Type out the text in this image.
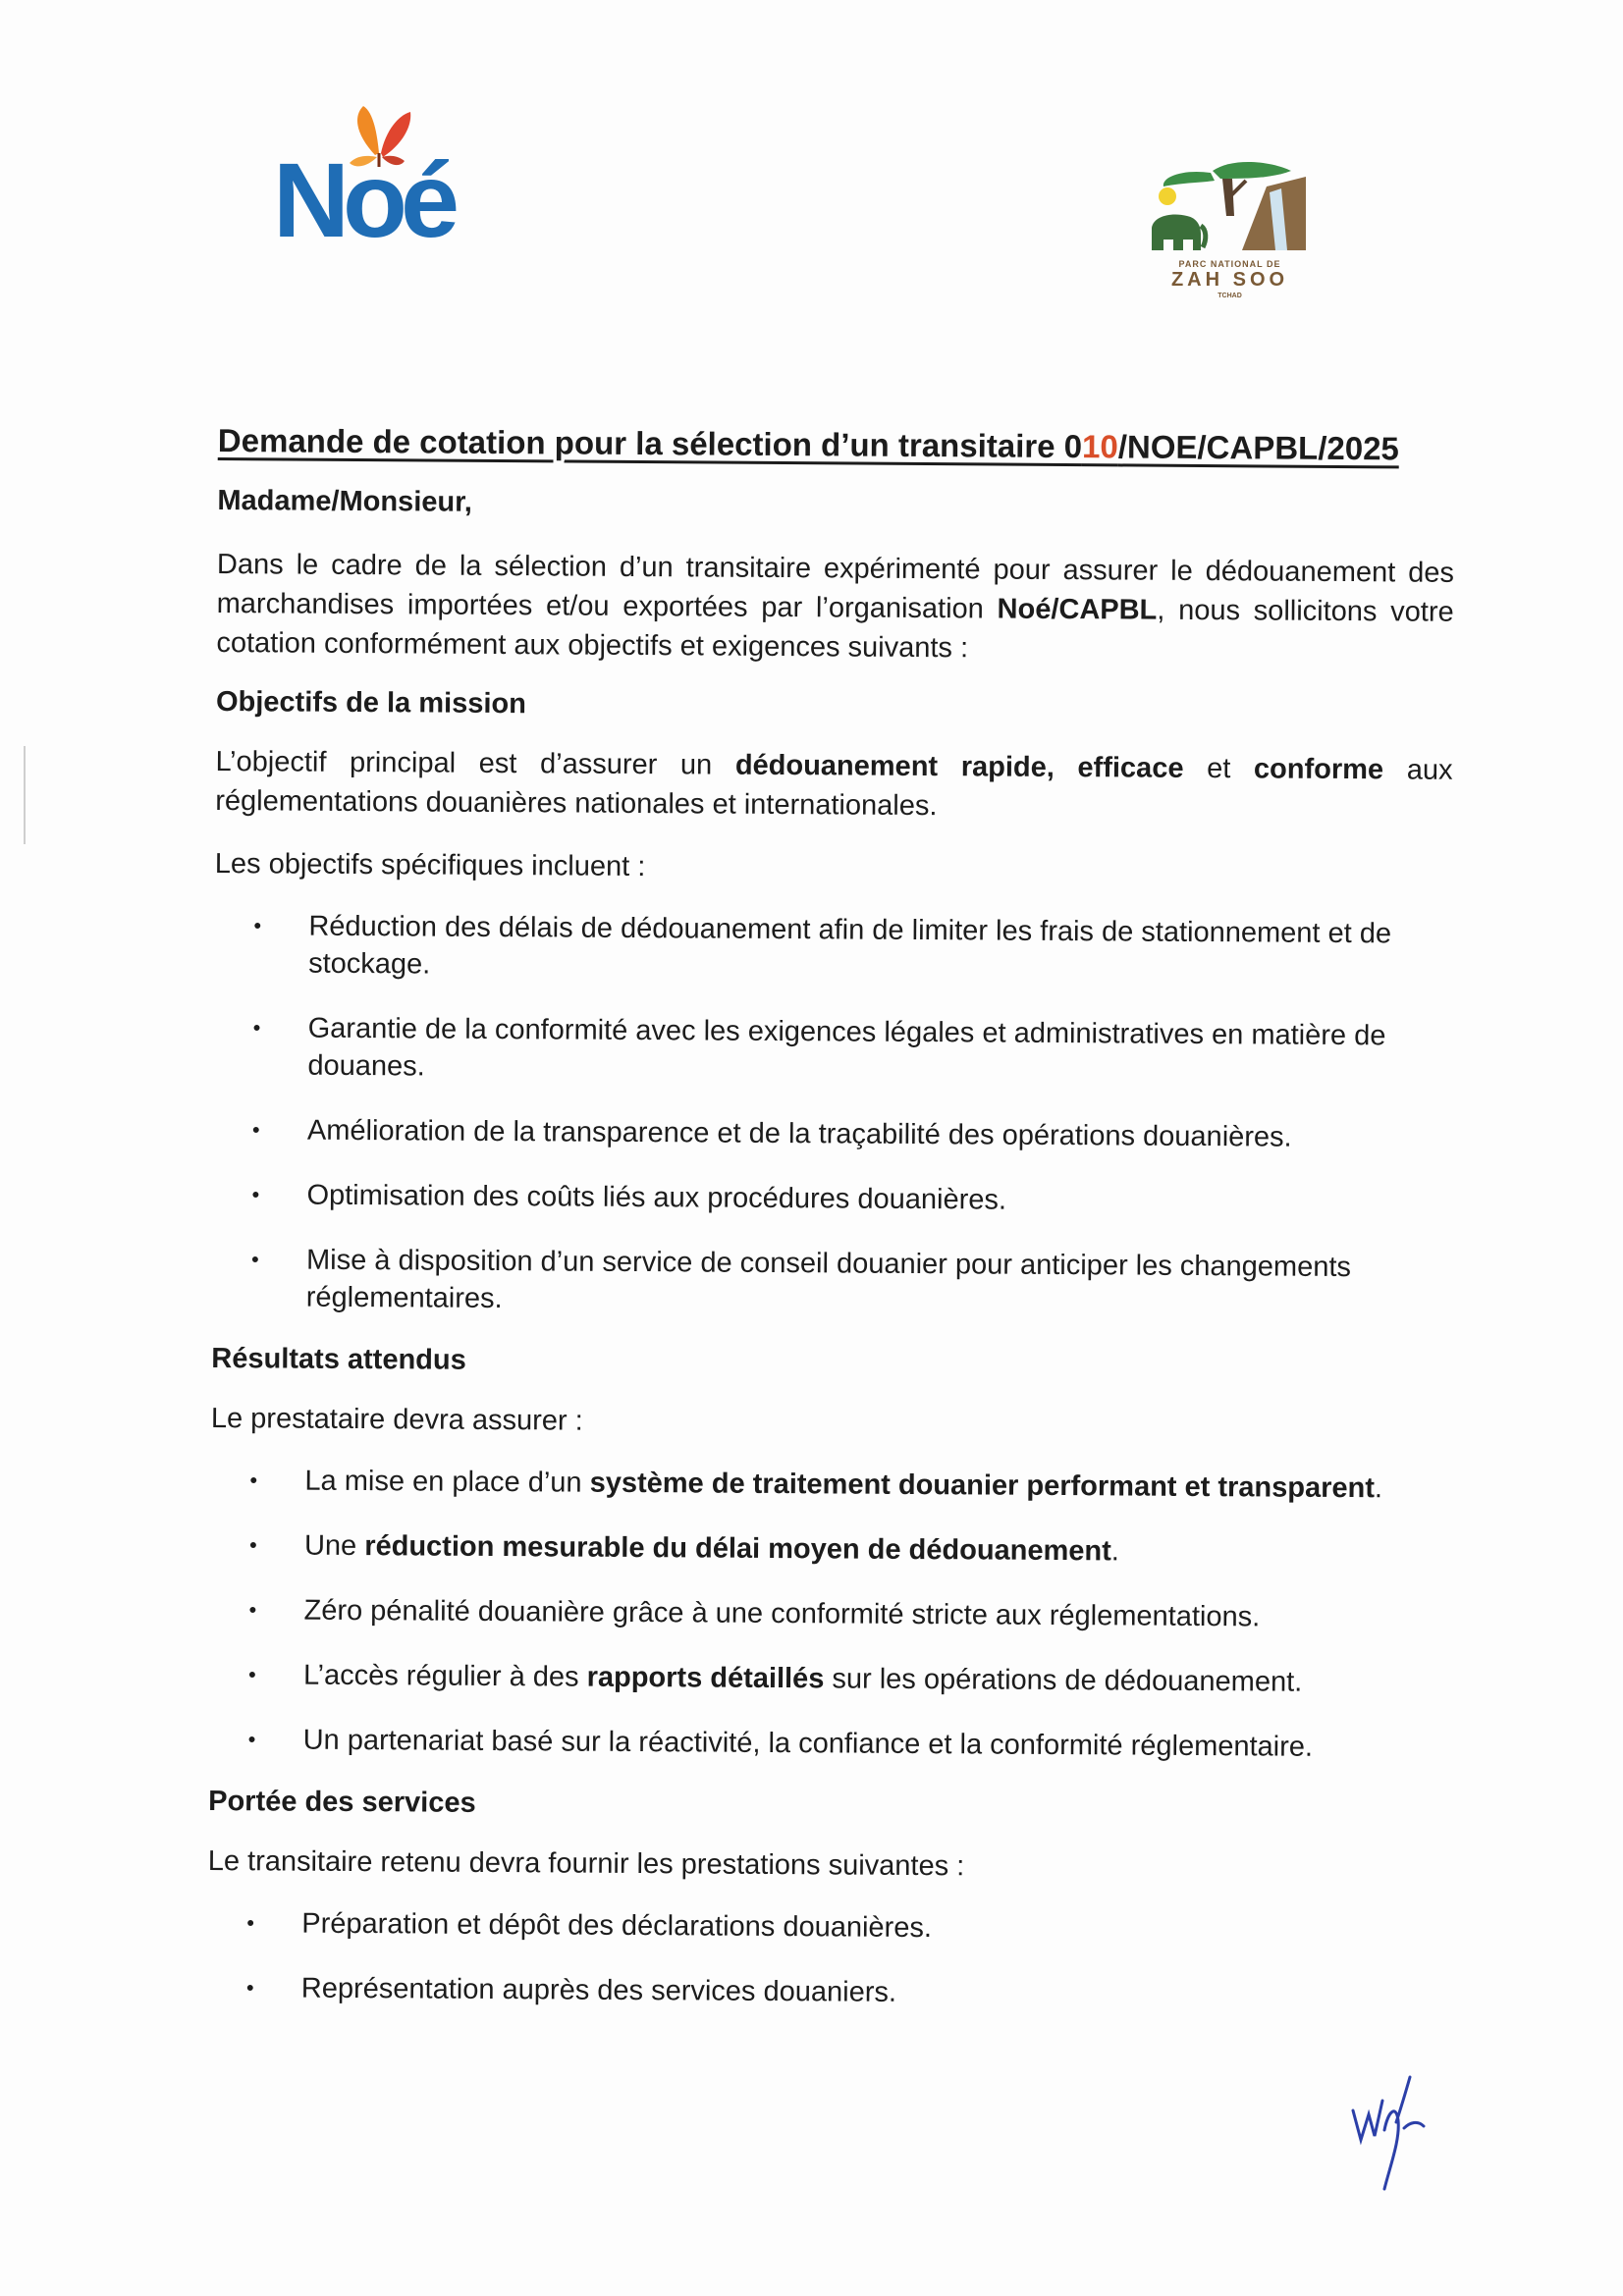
Noé
PARC NATIONAL DE
ZAH SOO
TCHAD
Demande de cotation pour la sélection d’un transitaire 010/NOE/CAPBL/2025
Madame/Monsieur,

Dans le cadre de la sélection d’un transitaire expérimenté pour assurer le dédouanement des marchandises importées et/ou exportées par l’organisation Noé/CAPBL, nous sollicitons votre cotation conformément aux objectifs et exigences suivants :

Objectifs de la mission

L’objectif principal est d’assurer un dédouanement rapide, efficace et conforme aux réglementations douanières nationales et internationales.

Les objectifs spécifiques incluent :

• Réduction des délais de dédouanement afin de limiter les frais de stationnement et de stockage.
• Garantie de la conformité avec les exigences légales et administratives en matière de douanes.
• Amélioration de la transparence et de la traçabilité des opérations douanières.
• Optimisation des coûts liés aux procédures douanières.
• Mise à disposition d’un service de conseil douanier pour anticiper les changements réglementaires.
Résultats attendus

Le prestataire devra assurer :

• La mise en place d’un système de traitement douanier performant et transparent.
• Une réduction mesurable du délai moyen de dédouanement.
• Zéro pénalité douanière grâce à une conformité stricte aux réglementations.
• L’accès régulier à des rapports détaillés sur les opérations de dédouanement.
• Un partenariat basé sur la réactivité, la confiance et la conformité réglementaire.
Portée des services

Le transitaire retenu devra fournir les prestations suivantes :

• Préparation et dépôt des déclarations douanières.
• Représentation auprès des services douaniers.
